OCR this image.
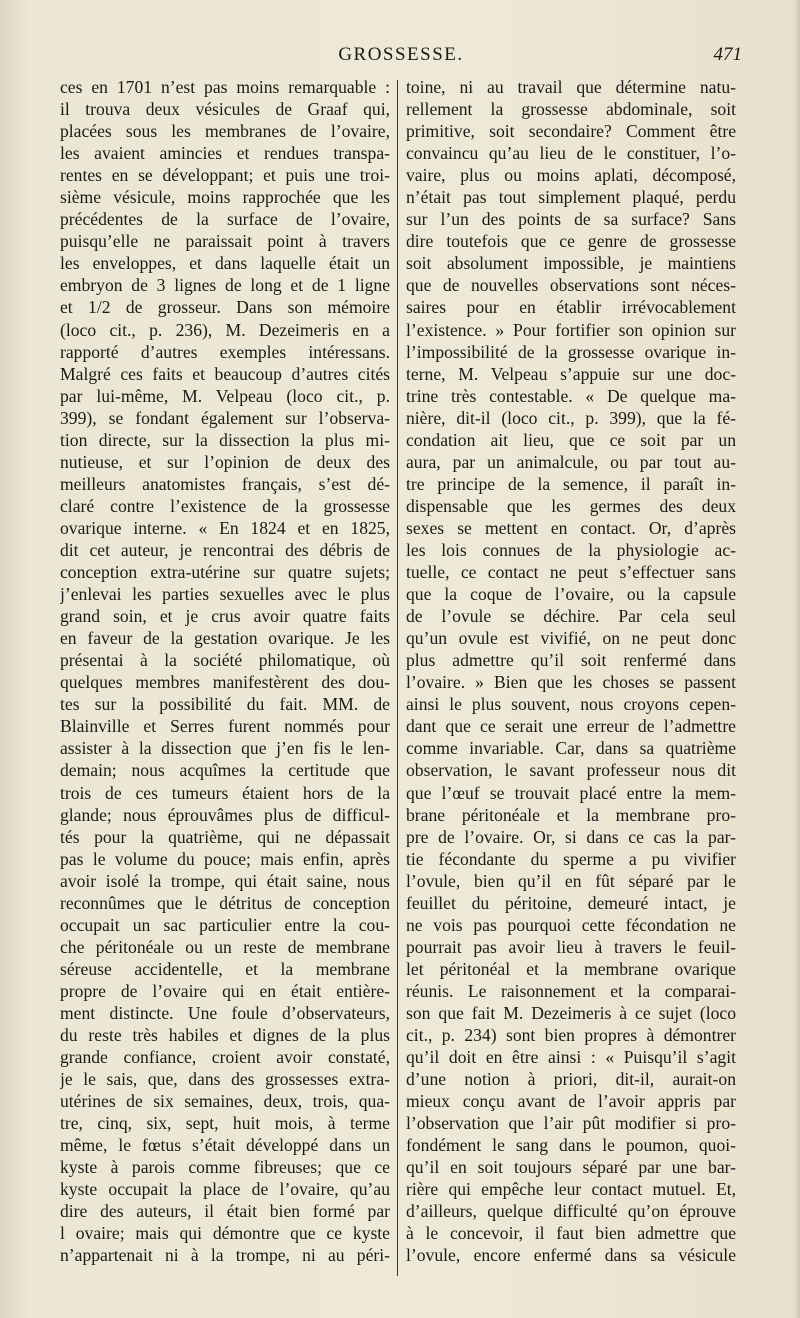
GROSSESSE.	471
ces en 1701 n’est pas moins remarquable :
il trouva deux vésicules de Graaf qui,
placées sous les membranes de l’ovaire,
les avaient amincies et rendues transpa-
rentes en se développant; et puis une troi-
sième vésicule, moins rapprochée que les
précédentes de la surface de l’ovaire,
puisqu’elle ne paraissait point à travers
les enveloppes, et dans laquelle était un
embryon de 3 lignes de long et de 1 ligne
et 1/2 de grosseur. Dans son mémoire
(loco cit., p. 236), M. Dezeimeris en a
rapporté d’autres exemples intéressans.
Malgré ces faits et beaucoup d’autres cités
par lui-même, M. Velpeau (loco cit., p.
399), se fondant également sur l’observa-
tion directe, sur la dissection la plus mi-
nutieuse, et sur l’opinion de deux des
meilleurs anatomistes français, s’est dé-
claré contre l’existence de la grossesse
ovarique interne. « En 1824 et en 1825,
dit cet auteur, je rencontrai des débris de
conception extra-utérine sur quatre sujets;
j’enlevai les parties sexuelles avec le plus
grand soin, et je crus avoir quatre faits
en faveur de la gestation ovarique. Je les
présentai à la société philomatique, où
quelques membres manifestèrent des dou-
tes sur la possibilité du fait. MM. de
Blainville et Serres furent nommés pour
assister à la dissection que j’en fis le len-
demain; nous acquîmes la certitude que
trois de ces tumeurs étaient hors de la
glande; nous éprouvâmes plus de difficul-
tés pour la quatrième, qui ne dépassait
pas le volume du pouce; mais enfin, après
avoir isolé la trompe, qui était saine, nous
reconnûmes que le détritus de conception
occupait un sac particulier entre la cou-
che péritonéale ou un reste de membrane
séreuse accidentelle, et la membrane
propre de l’ovaire qui en était entière-
ment distincte. Une foule d’observateurs,
du reste très habiles et dignes de la plus
grande confiance, croient avoir constaté,
je le sais, que, dans des grossesses extra-
utérines de six semaines, deux, trois, qua-
tre, cinq, six, sept, huit mois, à terme
même, le fœtus s’était développé dans un
kyste à parois comme fibreuses; que ce
kyste occupait la place de l’ovaire, qu’au
dire des auteurs, il était bien formé par
l ovaire; mais qui démontre que ce kyste
n’appartenait ni à la trompe, ni au péri-
toine, ni au travail que détermine natu-
rellement la grossesse abdominale, soit
primitive, soit secondaire? Comment être
convaincu qu’au lieu de le constituer, l’o-
vaire, plus ou moins aplati, décomposé,
n’était pas tout simplement plaqué, perdu
sur l’un des points de sa surface? Sans
dire toutefois que ce genre de grossesse
soit absolument impossible, je maintiens
que de nouvelles observations sont néces-
saires pour en établir irrévocablement
l’existence. » Pour fortifier son opinion sur
l’impossibilité de la grossesse ovarique in-
terne, M. Velpeau s’appuie sur une doc-
trine très contestable. « De quelque ma-
nière, dit-il (loco cit., p. 399), que la fé-
condation ait lieu, que ce soit par un
aura, par un animalcule, ou par tout au-
tre principe de la semence, il paraît in-
dispensable que les germes des deux
sexes se mettent en contact. Or, d’après
les lois connues de la physiologie ac-
tuelle, ce contact ne peut s’effectuer sans
que la coque de l’ovaire, ou la capsule
de l’ovule se déchire. Par cela seul
qu’un ovule est vivifié, on ne peut donc
plus admettre qu’il soit renfermé dans
l’ovaire. » Bien que les choses se passent
ainsi le plus souvent, nous croyons cepen-
dant que ce serait une erreur de l’admettre
comme invariable. Car, dans sa quatrième
observation, le savant professeur nous dit
que l’œuf se trouvait placé entre la mem-
brane péritonéale et la membrane pro-
pre de l’ovaire. Or, si dans ce cas la par-
tie fécondante du sperme a pu vivifier
l’ovule, bien qu’il en fût séparé par le
feuillet du péritoine, demeuré intact, je
ne vois pas pourquoi cette fécondation ne
pourrait pas avoir lieu à travers le feuil-
let péritonéal et la membrane ovarique
réunis. Le raisonnement et la comparai-
son que fait M. Dezeimeris à ce sujet (loco
cit., p. 234) sont bien propres à démontrer
qu’il doit en être ainsi : « Puisqu’il s’agit
d’une notion à priori, dit-il, aurait-on
mieux conçu avant de l’avoir appris par
l’observation que l’air pût modifier si pro-
fondément le sang dans le poumon, quoi-
qu’il en soit toujours séparé par une bar-
rière qui empêche leur contact mutuel. Et,
d’ailleurs, quelque difficulté qu’on éprouve
à le concevoir, il faut bien admettre que
l’ovule, encore enfermé dans sa vésicule
